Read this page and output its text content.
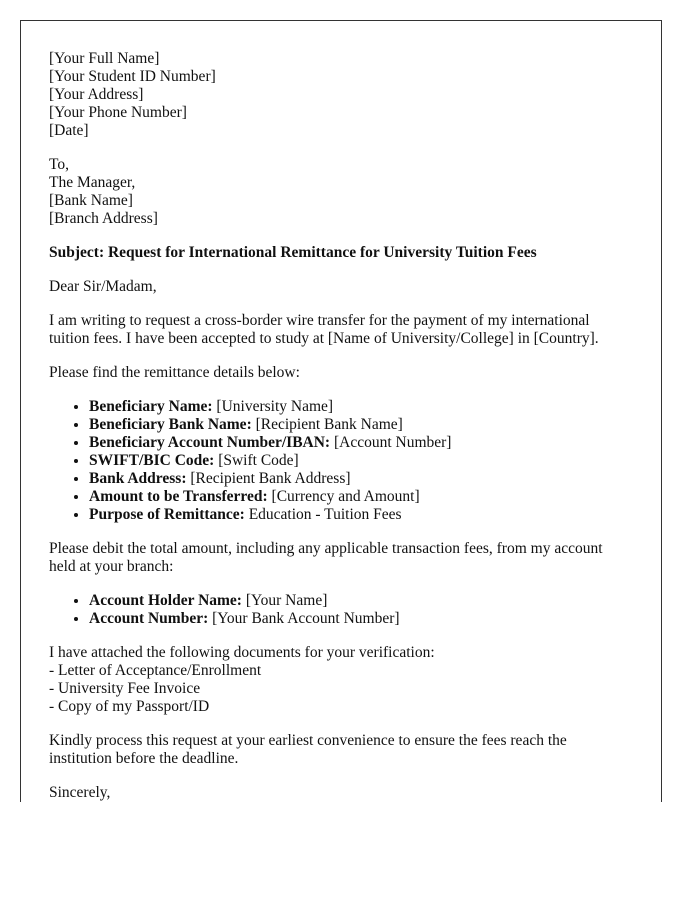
[Your Full Name]
[Your Student ID Number]
[Your Address]
[Your Phone Number]
[Date]
To,
The Manager,
[Bank Name]
[Branch Address]

Subject: Request for International Remittance for University Tuition Fees

Dear Sir/Madam,

I am writing to request a cross-border wire transfer for the payment of my international tuition fees. I have been accepted to study at [Name of University/College] in [Country].

Please find the remittance details below:

• Beneficiary Name: [University Name]
• Beneficiary Bank Name: [Recipient Bank Name]
• Beneficiary Account Number/IBAN: [Account Number]
• SWIFT/BIC Code: [Swift Code]
• Bank Address: [Recipient Bank Address]
• Amount to be Transferred: [Currency and Amount]
• Purpose of Remittance: Education - Tuition Fees

Please debit the total amount, including any applicable transaction fees, from my account held at your branch:

• Account Holder Name: [Your Name]
• Account Number: [Your Bank Account Number]
I have attached the following documents for your verification:
- Letter of Acceptance/Enrollment
- University Fee Invoice
- Copy of my Passport/ID

Kindly process this request at your earliest convenience to ensure the fees reach the institution before the deadline.

Sincerely,
